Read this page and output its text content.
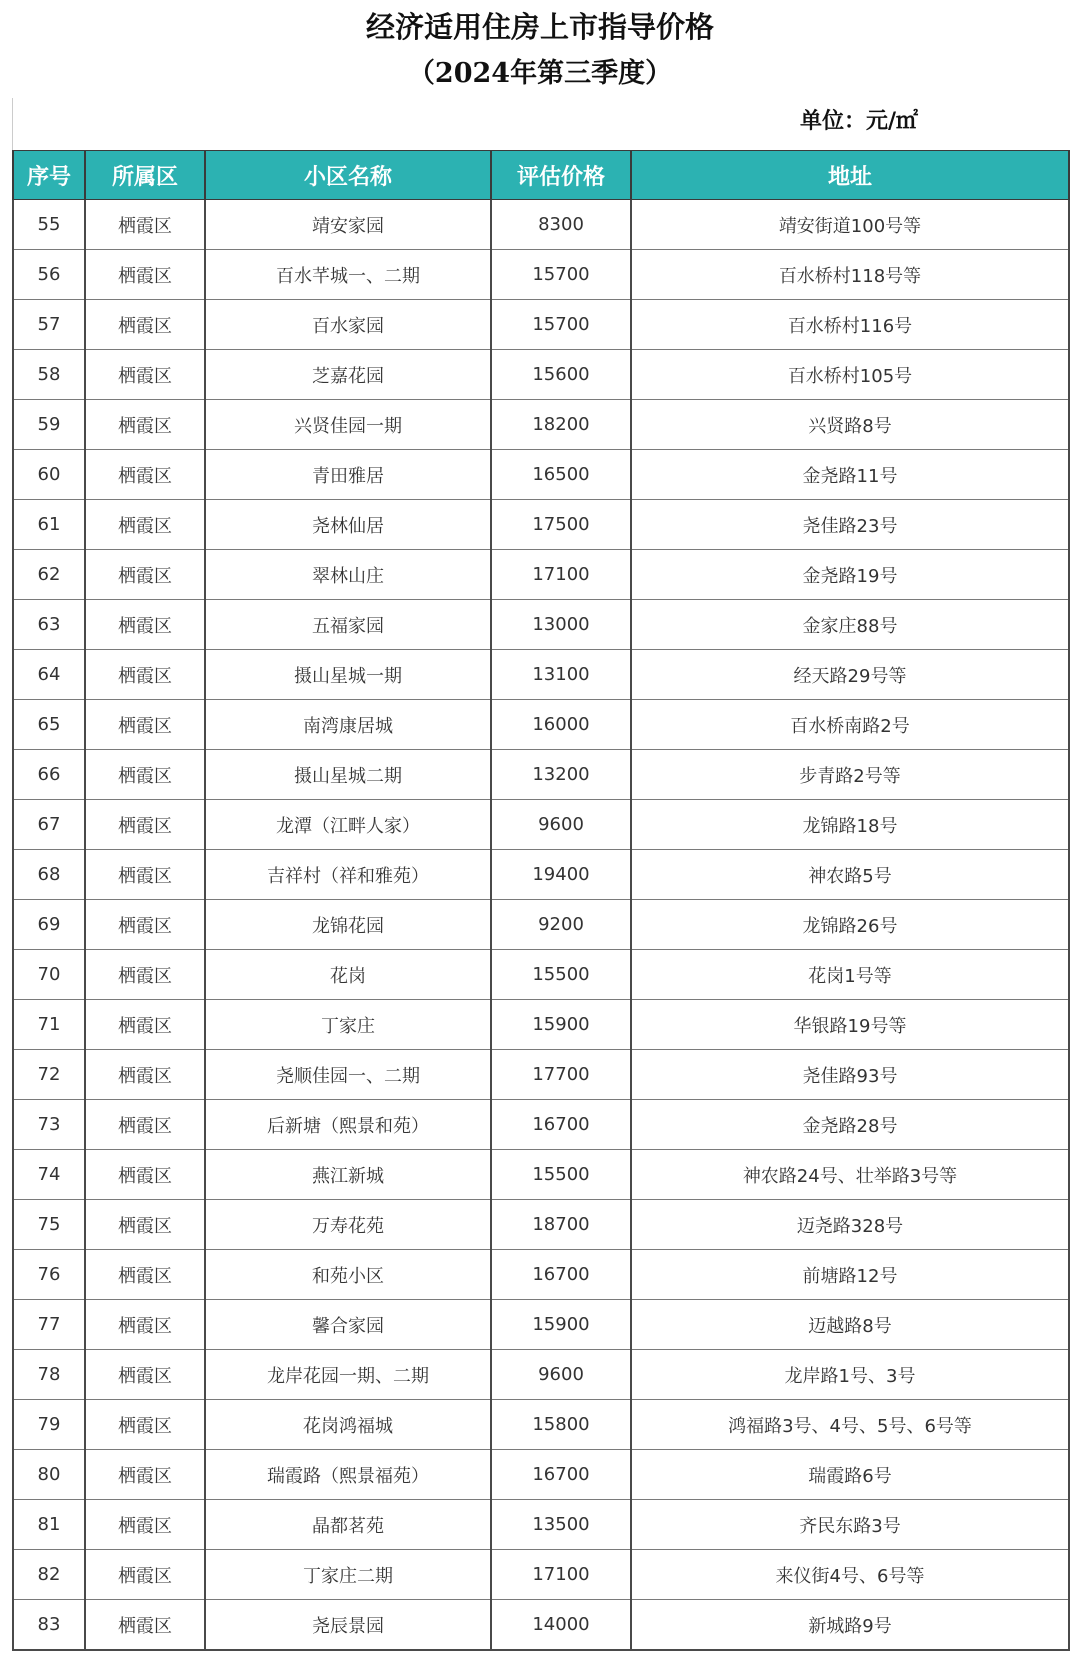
经济适用住房上市指导价格
（2024年第三季度）
单位：元/㎡
序号	所属区	小区名称	评估价格	地址
55	栖霞区	靖安家园	8300	靖安街道100号等
56	栖霞区	百水芊城一、二期	15700	百水桥村118号等
57	栖霞区	百水家园	15700	百水桥村116号
58	栖霞区	芝嘉花园	15600	百水桥村105号
59	栖霞区	兴贤佳园一期	18200	兴贤路8号
60	栖霞区	青田雅居	16500	金尧路11号
61	栖霞区	尧林仙居	17500	尧佳路23号
62	栖霞区	翠林山庄	17100	金尧路19号
63	栖霞区	五福家园	13000	金家庄88号
64	栖霞区	摄山星城一期	13100	经天路29号等
65	栖霞区	南湾康居城	16000	百水桥南路2号
66	栖霞区	摄山星城二期	13200	步青路2号等
67	栖霞区	龙潭（江畔人家）	9600	龙锦路18号
68	栖霞区	吉祥村（祥和雅苑）	19400	神农路5号
69	栖霞区	龙锦花园	9200	龙锦路26号
70	栖霞区	花岗	15500	花岗1号等
71	栖霞区	丁家庄	15900	华银路19号等
72	栖霞区	尧顺佳园一、二期	17700	尧佳路93号
73	栖霞区	后新塘（熙景和苑）	16700	金尧路28号
74	栖霞区	燕江新城	15500	神农路24号、壮举路3号等
75	栖霞区	万寿花苑	18700	迈尧路328号
76	栖霞区	和苑小区	16700	前塘路12号
77	栖霞区	馨合家园	15900	迈越路8号
78	栖霞区	龙岸花园一期、二期	9600	龙岸路1号、3号
79	栖霞区	花岗鸿福城	15800	鸿福路3号、4号、5号、6号等
80	栖霞区	瑞霞路（熙景福苑）	16700	瑞霞路6号
81	栖霞区	晶都茗苑	13500	齐民东路3号
82	栖霞区	丁家庄二期	17100	来仪街4号、6号等
83	栖霞区	尧辰景园	14000	新城路9号
